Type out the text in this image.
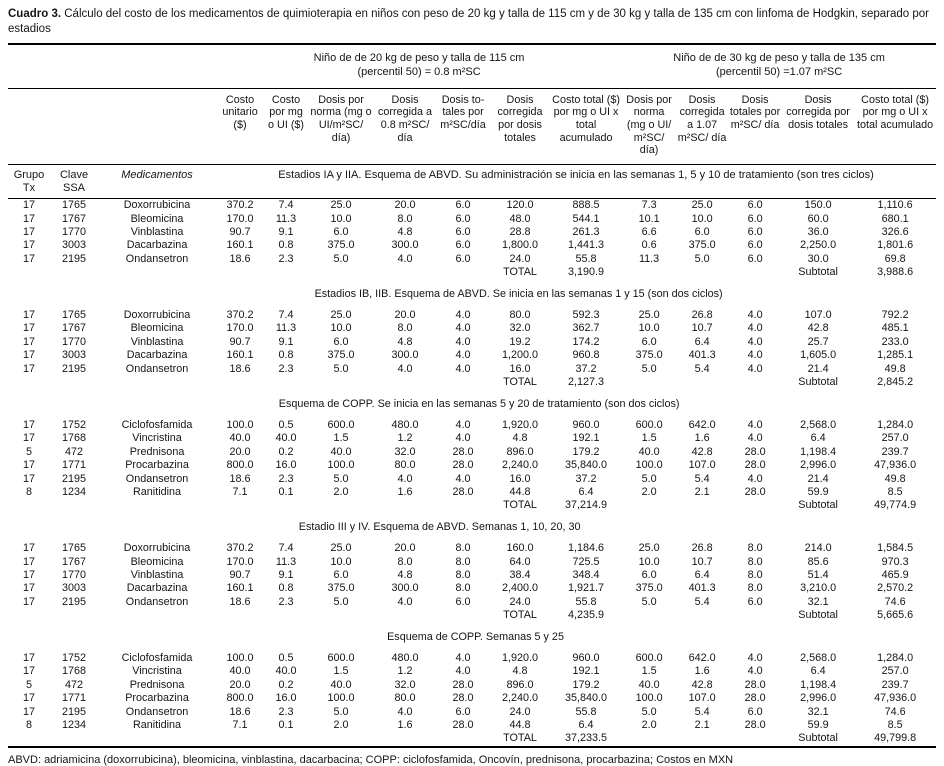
Cuadro 3. Cálculo del costo de los medicamentos de quimioterapia en niños con peso de 20 kg y talla de 115 cm y de 30 kg y talla de 135 cm con linfoma de Hodgkin, separado por estadios

			Niño de de 20 kg de peso y talla de 115 cm
(percentil 50) = 0.8 m²SC							Niño de de 30 kg de peso y talla de 135 cm
(percentil 50) =1.07 m²SC				

			Costo unitario ($)	Costo por mg o UI ($)	Dosis por norma (mg o UI/m²SC/ día)	Dosis corregida a 0.8 m²SC/ día	Dosis to- tales por m²SC/día	Dosis corregida por dosis totales	Costo total ($) por mg o UI x total acumulado	Dosis por norma (mg o UI/ m²SC/ día)	Dosis corregida a 1.07 m²SC/ día	Dosis totales por m²SC/ día	Dosis corregida por dosis totales	Costo total ($) por mg o UI x total acumulado
Grupo Tx	Clave SSA	Medicamentos	Estadios IA y IIA. Esquema de ABVD. Su administración se inicia en las semanas 1, 5 y 10 de tratamiento (son tres ciclos)											

17	1765	Doxorrubicina	370.2	7.4	25.0	20.0	6.0	120.0	888.5	7.3	25.0	6.0	150.0	1,110.6
17	1767	Bleomicina	170.0	11.3	10.0	8.0	6.0	48.0	544.1	10.1	10.0	6.0	60.0	680.1
17	1770	Vinblastina	90.7	9.1	6.0	4.8	6.0	28.8	261.3	6.6	6.0	6.0	36.0	326.6
17	3003	Dacarbazina	160.1	0.8	375.0	300.0	6.0	1,800.0	1,441.3	0.6	375.0	6.0	2,250.0	1,801.6
17	2195	Ondansetron	18.6	2.3	5.0	4.0	6.0	24.0	55.8	11.3	5.0	6.0	30.0	69.8
								TOTAL	3,190.9				Subtotal	3,988.6

			Estadios IB, IIB. Esquema de ABVD. Se inicia en las semanas 1 y 15 (son dos ciclos)											

17	1765	Doxorrubicina	370.2	7.4	25.0	20.0	4.0	80.0	592.3	25.0	26.8	4.0	107.0	792.2
17	1767	Bleomicina	170.0	11.3	10.0	8.0	4.0	32.0	362.7	10.0	10.7	4.0	42.8	485.1
17	1770	Vinblastina	90.7	9.1	6.0	4.8	4.0	19.2	174.2	6.0	6.4	4.0	25.7	233.0
17	3003	Dacarbazina	160.1	0.8	375.0	300.0	4.0	1,200.0	960.8	375.0	401.3	4.0	1,605.0	1,285.1
17	2195	Ondansetron	18.6	2.3	5.0	4.0	4.0	16.0	37.2	5.0	5.4	4.0	21.4	49.8
								TOTAL	2,127.3				Subtotal	2,845.2

			Esquema de COPP. Se inicia en las semanas 5 y 20 de tratamiento (son dos ciclos)											

17	1752	Ciclofosfamida	100.0	0.5	600.0	480.0	4.0	1,920.0	960.0	600.0	642.0	4.0	2,568.0	1,284.0
17	1768	Vincristina	40.0	40.0	1.5	1.2	4.0	4.8	192.1	1.5	1.6	4.0	6.4	257.0
5	472	Prednisona	20.0	0.2	40.0	32.0	28.0	896.0	179.2	40.0	42.8	28.0	1,198.4	239.7
17	1771	Procarbazina	800.0	16.0	100.0	80.0	28.0	2,240.0	35,840.0	100.0	107.0	28.0	2,996.0	47,936.0
17	2195	Ondansetron	18.6	2.3	5.0	4.0	4.0	16.0	37.2	5.0	5.4	4.0	21.4	49.8
8	1234	Ranitidina	7.1	0.1	2.0	1.6	28.0	44.8	6.4	2.0	2.1	28.0	59.9	8.5
								TOTAL	37,214.9				Subtotal	49,774.9

			Estadio III y IV. Esquema de ABVD. Semanas 1, 10, 20, 30											

17	1765	Doxorrubicina	370.2	7.4	25.0	20.0	8.0	160.0	1,184.6	25.0	26.8	8.0	214.0	1,584.5
17	1767	Bleomicina	170.0	11.3	10.0	8.0	8.0	64.0	725.5	10.0	10.7	8.0	85.6	970.3
17	1770	Vinblastina	90.7	9.1	6.0	4.8	8.0	38.4	348.4	6.0	6.4	8.0	51.4	465.9
17	3003	Dacarbazina	160.1	0.8	375.0	300.0	8.0	2,400.0	1,921.7	375.0	401.3	8.0	3,210.0	2,570.2
17	2195	Ondansetron	18.6	2.3	5.0	4.0	6.0	24.0	55.8	5.0	5.4	6.0	32.1	74.6
								TOTAL	4,235.9				Subtotal	5,665.6

			Esquema de COPP. Semanas 5 y 25											

17	1752	Ciclofosfamida	100.0	0.5	600.0	480.0	4.0	1,920.0	960.0	600.0	642.0	4.0	2,568.0	1,284.0
17	1768	Vincristina	40.0	40.0	1.5	1.2	4.0	4.8	192.1	1.5	1.6	4.0	6.4	257.0
5	472	Prednisona	20.0	0.2	40.0	32.0	28.0	896.0	179.2	40.0	42.8	28.0	1,198.4	239.7
17	1771	Procarbazina	800.0	16.0	100.0	80.0	28.0	2,240.0	35,840.0	100.0	107.0	28.0	2,996.0	47,936.0
17	2195	Ondansetron	18.6	2.3	5.0	4.0	6.0	24.0	55.8	5.0	5.4	6.0	32.1	74.6
8	1234	Ranitidina	7.1	0.1	2.0	1.6	28.0	44.8	6.4	2.0	2.1	28.0	59.9	8.5
								TOTAL	37,233.5				Subtotal	49,799.8

ABVD: adriamicina (doxorrubicina), bleomicina, vinblastina, dacarbacina; COPP: ciclofosfamida, Oncovín, prednisona, procarbazina; Costos en MXN
